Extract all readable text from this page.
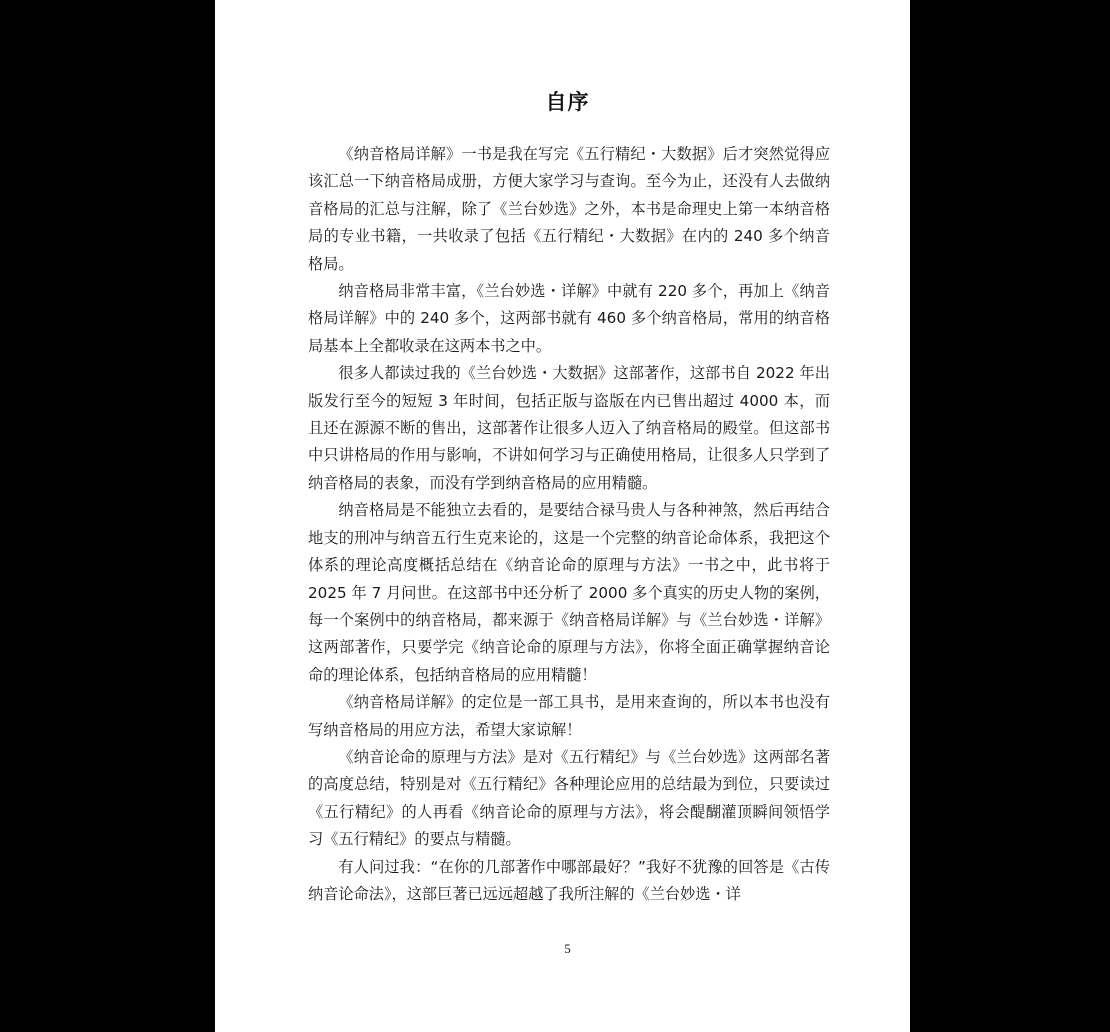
自序

《纳音格局详解》一书是我在写完《五行精纪・大数据》后才突然觉得应该汇总一下纳音格局成册，方便大家学习与查询。至今为止，还没有人去做纳音格局的汇总与注解，除了《兰台妙选》之外，本书是命理史上第一本纳音格局的专业书籍，一共收录了包括《五行精纪・大数据》在内的 240 多个纳音格局。

纳音格局非常丰富，《兰台妙选・详解》中就有 220 多个，再加上《纳音格局详解》中的 240 多个，这两部书就有 460 多个纳音格局，常用的纳音格局基本上全都收录在这两本书之中。

很多人都读过我的《兰台妙选・大数据》这部著作，这部书自 2022 年出版发行至今的短短 3 年时间，包括正版与盗版在内已售出超过 4000 本，而且还在源源不断的售出，这部著作让很多人迈入了纳音格局的殿堂。但这部书中只讲格局的作用与影响，不讲如何学习与正确使用格局，让很多人只学到了纳音格局的表象，而没有学到纳音格局的应用精髓。

纳音格局是不能独立去看的，是要结合禄马贵人与各种神煞，然后再结合地支的刑冲与纳音五行生克来论的，这是一个完整的纳音论命体系，我把这个体系的理论高度概括总结在《纳音论命的原理与方法》一书之中，此书将于 2025 年 7 月问世。在这部书中还分析了 2000 多个真实的历史人物的案例，每一个案例中的纳音格局，都来源于《纳音格局详解》与《兰台妙选・详解》这两部著作，只要学完《纳音论命的原理与方法》，你将全面正确掌握纳音论命的理论体系，包括纳音格局的应用精髓！

《纳音格局详解》的定位是一部工具书，是用来查询的，所以本书也没有写纳音格局的用应方法，希望大家谅解！

《纳音论命的原理与方法》是对《五行精纪》与《兰台妙选》这两部名著的高度总结，特别是对《五行精纪》各种理论应用的总结最为到位，只要读过《五行精纪》的人再看《纳音论命的原理与方法》，将会醍醐灌顶瞬间领悟学习《五行精纪》的要点与精髓。

有人问过我：“在你的几部著作中哪部最好？”我好不犹豫的回答是《古传纳音论命法》，这部巨著已远远超越了我所注解的《兰台妙选・详

5
